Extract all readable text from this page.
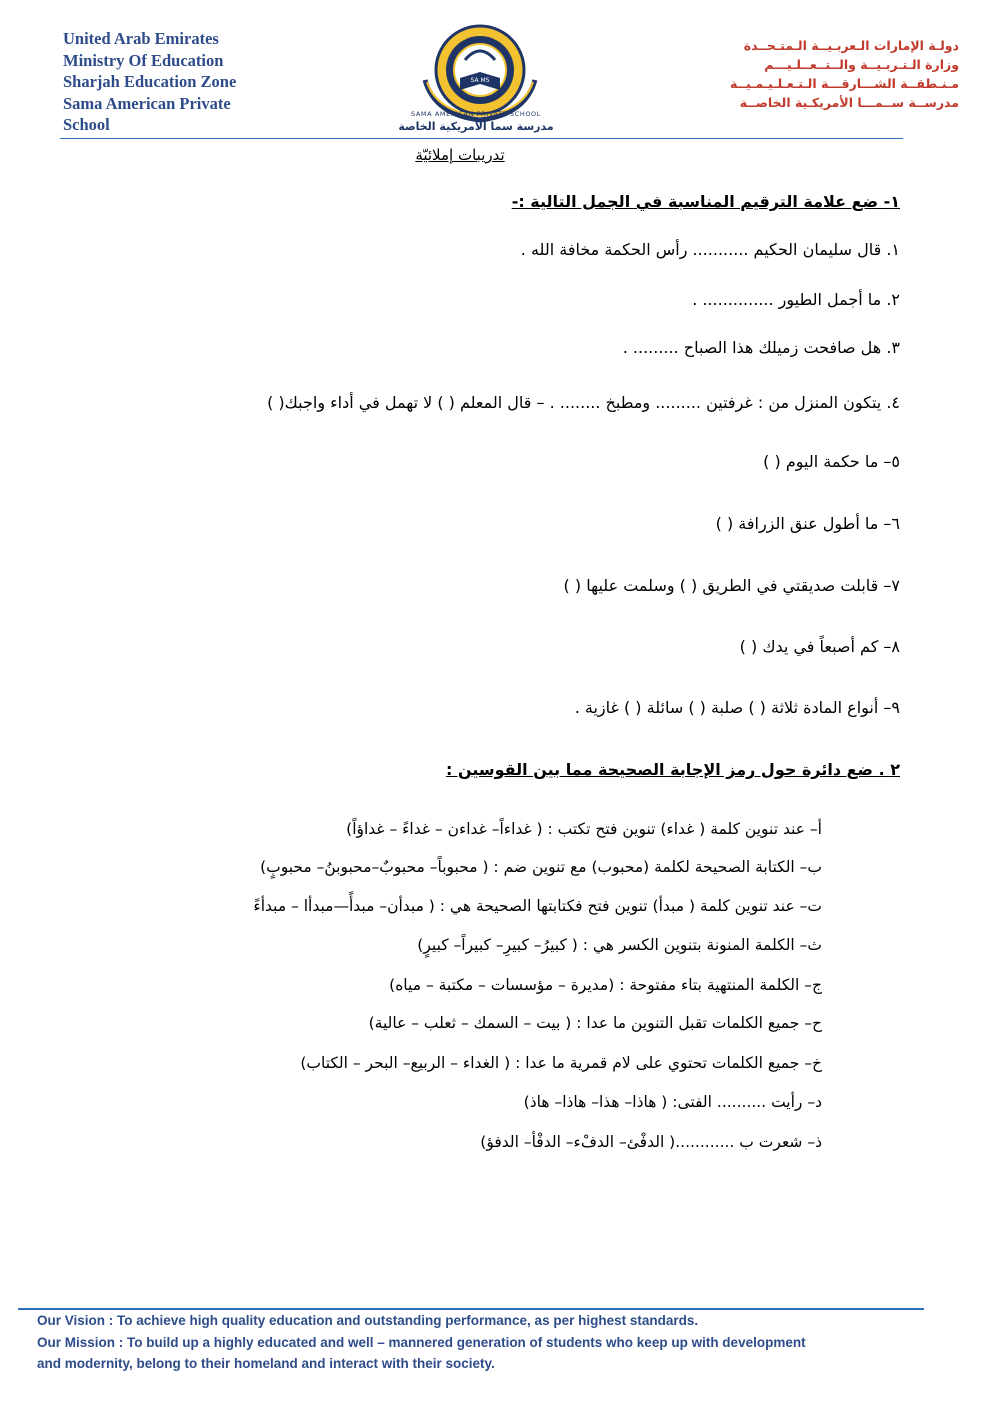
United Arab Emirates
Ministry Of Education
Sharjah Education Zone
Sama American Private
School
SA MS
SAMA AMERICAN PRIVATE SCHOOL
مدرسة سما الأمريكية الخاصة
دولـة الإمارات الـعربـيــة الـمتـحــدة
وزارة الـتـربـيــة والــتــعــلـيـــم
مـنـطقــة الشـــارقـــة الـتـعـلـيـمـيــة
مدرســة ســمـــا الأمريكـية الخاصــة
تدريبات إملائيّة
١- ضع علامة الترقيم المناسبة في الجمل التالية :-
١. قال سليمان الحكيم ........... رأس الحكمة مخافة الله .
٢. ما أجمل الطيور .............. .
٣. هل صافحت زميلك هذا الصباح ......... .
٤. يتكون المنزل من : غرفتين ......... ومطبخ ........ . – قال المعلم ( ) لا تهمل في أداء واجبك( )
٥– ما حكمة اليوم ( )
٦– ما أطول عنق الزرافة ( )
٧– قابلت صديقتي في الطريق ( ) وسلمت عليها ( )
٨– كم أصبعاً في يدك ( )
٩– أنواع المادة ثلاثة ( ) صلبة ( ) سائلة ( ) غازية .
٢ . ضع دائرة حول رمز الإجابة الصحيحة مما بين القوسين :
أ– عند تنوين كلمة ( غداء) تنوين فتح تكتب : ( غداءاً– غداءن – غداءً – غداؤاً)
ب– الكتابة الصحيحة لكلمة (محبوب) مع تنوين ضم : ( محبوباً– محبوبٌ–محبوبنُ– محبوبٍ)
ت– عند تنوين كلمة ( مبدأ) تنوين فتح فكتابتها الصحيحة هي : ( مبدأن– مبدأً—مبدأا – مبدأءً
ث– الكلمة المنونة بتنوين الكسر هي : ( كبيرُ– كبيرِ– كبيراً– كبيرٍ)
ج– الكلمة المنتهية بتاء مفتوحة : (مديرة – مؤسسات – مكتبة – مياه)
ح– جميع الكلمات تقبل التنوين ما عدا : ( بيت – السمك – ثعلب – عالية)
خ– جميع الكلمات تحتوي على لام قمرية ما عدا : ( الغداء – الربيع– البحر – الكتاب)
د– رأيت .......... الفتى: ( هاذا– هذا– هاذا– هاذ)
ذ– شعرت ب ............( الدفْئ– الدفْء– الدفْأ– الدفؤ)
Our Vision : To achieve high quality education and outstanding performance, as per highest standards.
Our Mission : To build up a highly educated and well – mannered generation of students who keep up with development
and modernity, belong to their homeland and interact with their society.
